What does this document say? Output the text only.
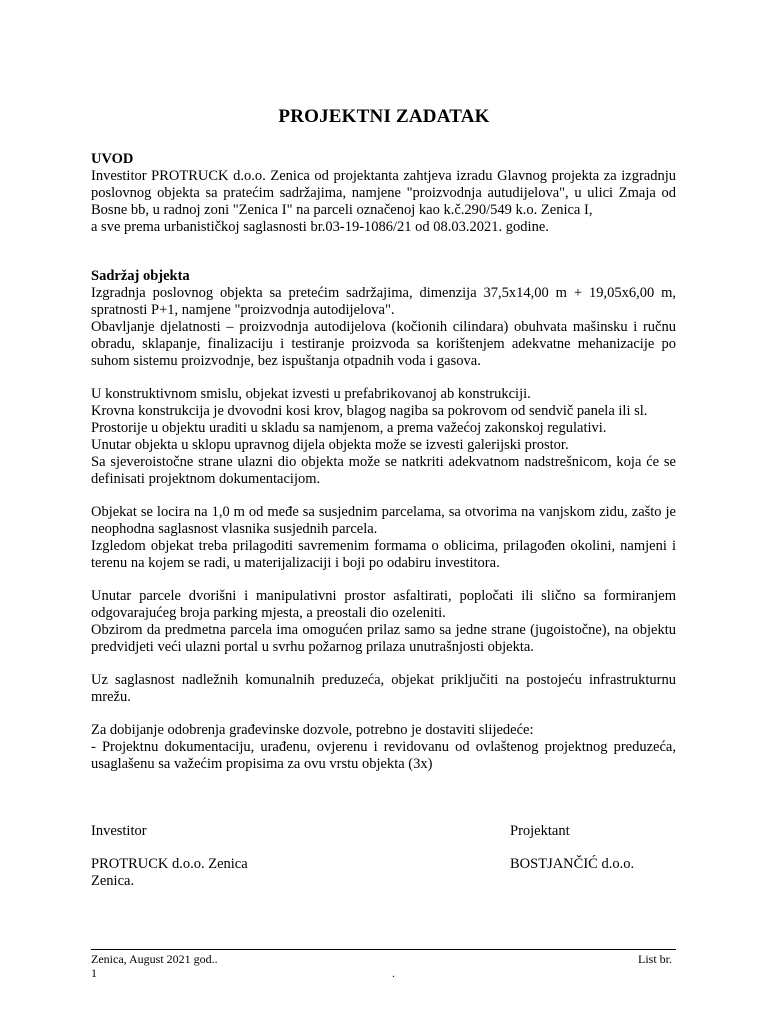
PROJEKTNI ZADATAK

UVOD

Investitor PROTRUCK d.o.o. Zenica od projektanta zahtjeva izradu Glavnog projekta za izgradnju poslovnog objekta sa pratećim sadržajima, namjene "proizvodnja autudijelova", u ulici Zmaja od Bosne bb, u radnoj zoni "Zenica I" na parceli označenoj kao k.č.290/549 k.o. Zenica I,

a sve prema urbanističkoj saglasnosti br.03-19-1086/21 od 08.03.2021. godine.

Sadržaj objekta

Izgradnja poslovnog objekta sa pretećim sadržajima, dimenzija 37,5x14,00 m + 19,05x6,00 m, spratnosti P+1, namjene "proizvodnja autodijelova".

Obavljanje djelatnosti – proizvodnja autodijelova (kočionih cilindara) obuhvata mašinsku i ručnu obradu, sklapanje, finalizaciju i testiranje proizvoda sa korištenjem adekvatne mehanizacije po suhom sistemu proizvodnje, bez ispuštanja otpadnih voda i gasova.

U konstruktivnom smislu, objekat izvesti u prefabrikovanoj ab konstrukciji.

Krovna konstrukcija je dvovodni kosi krov, blagog nagiba sa pokrovom od sendvič panela ili sl.

Prostorije u objektu uraditi u skladu sa namjenom, a prema važećoj zakonskoj regulativi.

Unutar objekta u sklopu upravnog dijela objekta može se izvesti galerijski prostor.

Sa sjeveroistočne strane ulazni dio objekta može se natkriti adekvatnom nadstrešnicom, koja će se definisati projektnom dokumentacijom.

Objekat se locira na 1,0 m od međe sa susjednim parcelama, sa otvorima na vanjskom zidu, zašto je neophodna saglasnost vlasnika susjednih parcela.

Izgledom objekat treba prilagoditi savremenim formama o oblicima, prilagođen okolini, namjeni i terenu na kojem se radi, u materijalizaciji i boji po odabiru investitora.

Unutar parcele dvorišni i manipulativni prostor asfaltirati, popločati ili slično sa formiranjem odgovarajućeg broja parking mjesta, a preostali dio ozeleniti.

Obzirom da predmetna parcela ima omogućen prilaz samo sa jedne strane (jugoistočne), na objektu predvidjeti veći ulazni portal u svrhu požarnog prilaza unutrašnjosti objekta.

Uz saglasnost nadležnih komunalnih preduzeća, objekat priključiti na postojeću infrastrukturnu mrežu.

Za dobijanje odobrenja građevinske dozvole, potrebno je dostaviti slijedeće:

- Projektnu dokumentaciju, urađenu, ovjerenu i revidovanu od ovlaštenog projektnog preduzeća, usaglašenu sa važećim propisima za ovu vrstu objekta (3x)

Investitor
PROTRUCK d.o.o. Zenica
Zenica.
Projektant
BOSTJANČIĆ d.o.o.
Zenica, August 2021 god..	List br.
1	.
